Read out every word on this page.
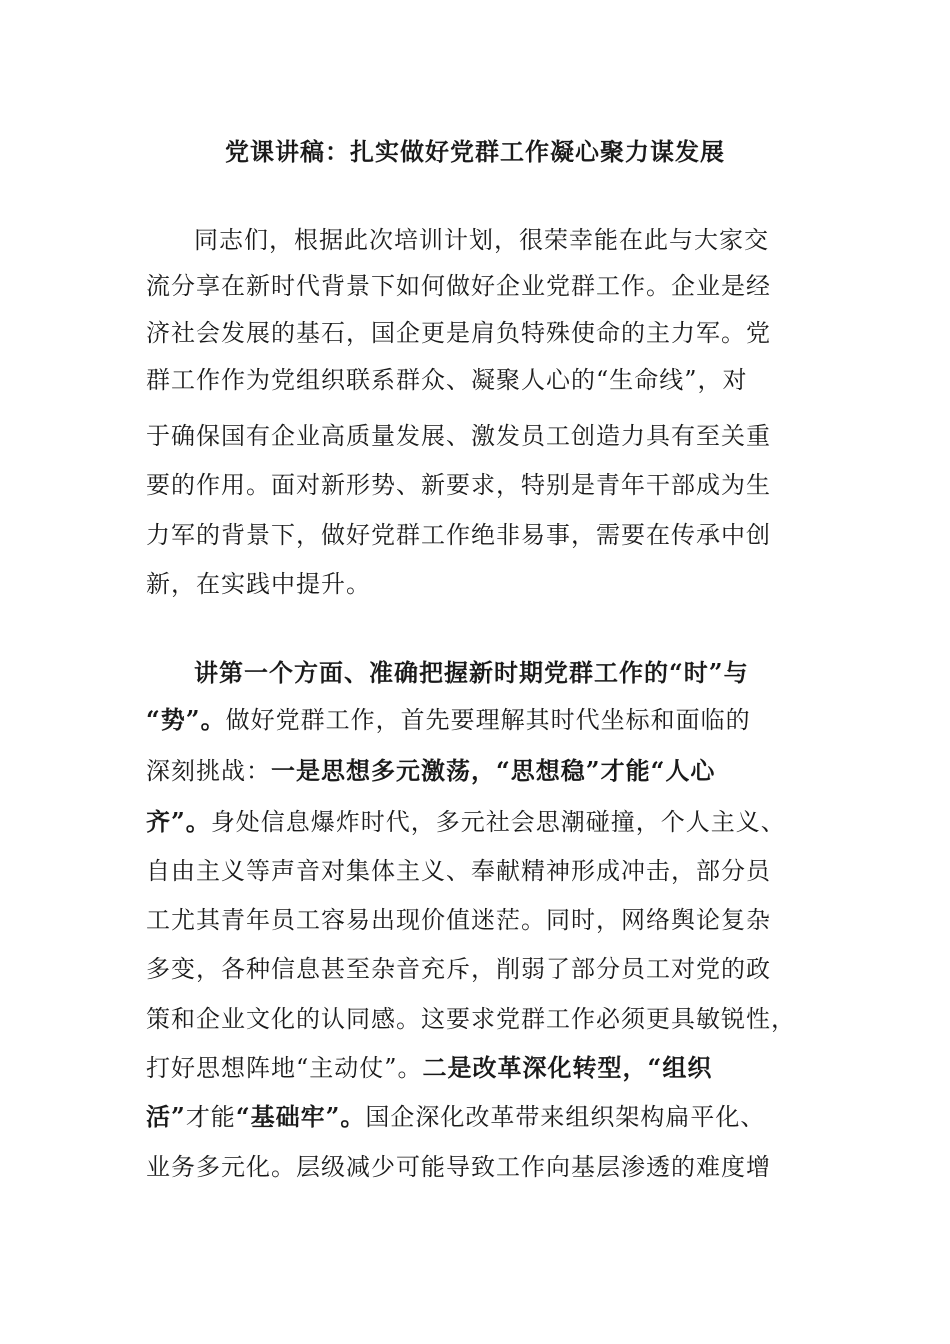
党课讲稿：扎实做好党群工作凝心聚力谋发展
同志们，根据此次培训计划，很荣幸能在此与大家交
流分享在新时代背景下如何做好企业党群工作。企业是经
济社会发展的基石，国企更是肩负特殊使命的主力军。党
群工作作为党组织联系群众、凝聚人心的“生命线”，对
于确保国有企业高质量发展、激发员工创造力具有至关重
要的作用。面对新形势、新要求，特别是青年干部成为生
力军的背景下，做好党群工作绝非易事，需要在传承中创
新，在实践中提升。
讲第一个方面、准确把握新时期党群工作的“时”与
“势”。做好党群工作，首先要理解其时代坐标和面临的
深刻挑战：一是思想多元激荡，“思想稳”才能“人心
齐”。身处信息爆炸时代，多元社会思潮碰撞，个人主义、
自由主义等声音对集体主义、奉献精神形成冲击，部分员
工尤其青年员工容易出现价值迷茫。同时，网络舆论复杂
多变，各种信息甚至杂音充斥，削弱了部分员工对党的政
策和企业文化的认同感。这要求党群工作必须更具敏锐性，
打好思想阵地“主动仗”。二是改革深化转型，“组织
活”才能“基础牢”。国企深化改革带来组织架构扁平化、
业务多元化。层级减少可能导致工作向基层渗透的难度增
